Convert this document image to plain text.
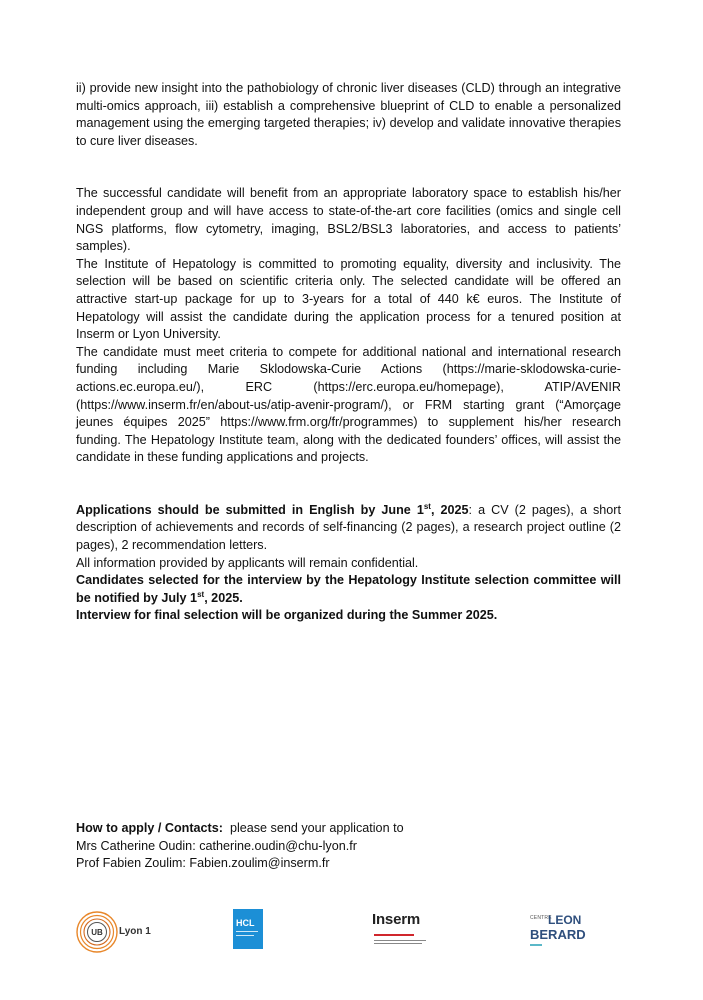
ii) provide new insight into the pathobiology of chronic liver diseases (CLD) through an integrative multi-omics approach, iii) establish a comprehensive blueprint of CLD to enable a personalized management using the emerging targeted therapies; iv) develop and validate innovative therapies to cure liver diseases.

The successful candidate will benefit from an appropriate laboratory space to establish his/her independent group and will have access to state-of-the-art core facilities (omics and single cell NGS platforms, flow cytometry, imaging, BSL2/BSL3 laboratories, and access to patients’ samples).

The Institute of Hepatology is committed to promoting equality, diversity and inclusivity. The selection will be based on scientific criteria only. The selected candidate will be offered an attractive start-up package for up to 3-years for a total of 440 k€ euros. The Institute of Hepatology will assist the candidate during the application process for a tenured position at Inserm or Lyon University.

The candidate must meet criteria to compete for additional national and international research funding including Marie Sklodowska-Curie Actions (https://marie-sklodowska-curie-actions.ec.europa.eu/), ERC (https://erc.europa.eu/homepage), ATIP/AVENIR (https://www.inserm.fr/en/about-us/atip-avenir-program/), or FRM starting grant (“Amorçage jeunes équipes 2025” https://www.frm.org/fr/programmes) to supplement his/her research funding. The Hepatology Institute team, along with the dedicated founders’ offices, will assist the candidate in these funding applications and projects.

Applications should be submitted in English by June 1st, 2025: a CV (2 pages), a short description of achievements and records of self-financing (2 pages), a research project outline (2 pages), 2 recommendation letters.

All information provided by applicants will remain confidential.

Candidates selected for the interview by the Hepatology Institute selection committee will be notified by July 1st, 2025.

Interview for final selection will be organized during the Summer 2025.

How to apply / Contacts: please send your application to
Mrs Catherine Oudin: catherine.oudin@chu-lyon.fr
Prof Fabien Zoulim: Fabien.zoulim@inserm.fr
UB Lyon 1
HCL	Inserm	CENTRE
LEON
BERARD
